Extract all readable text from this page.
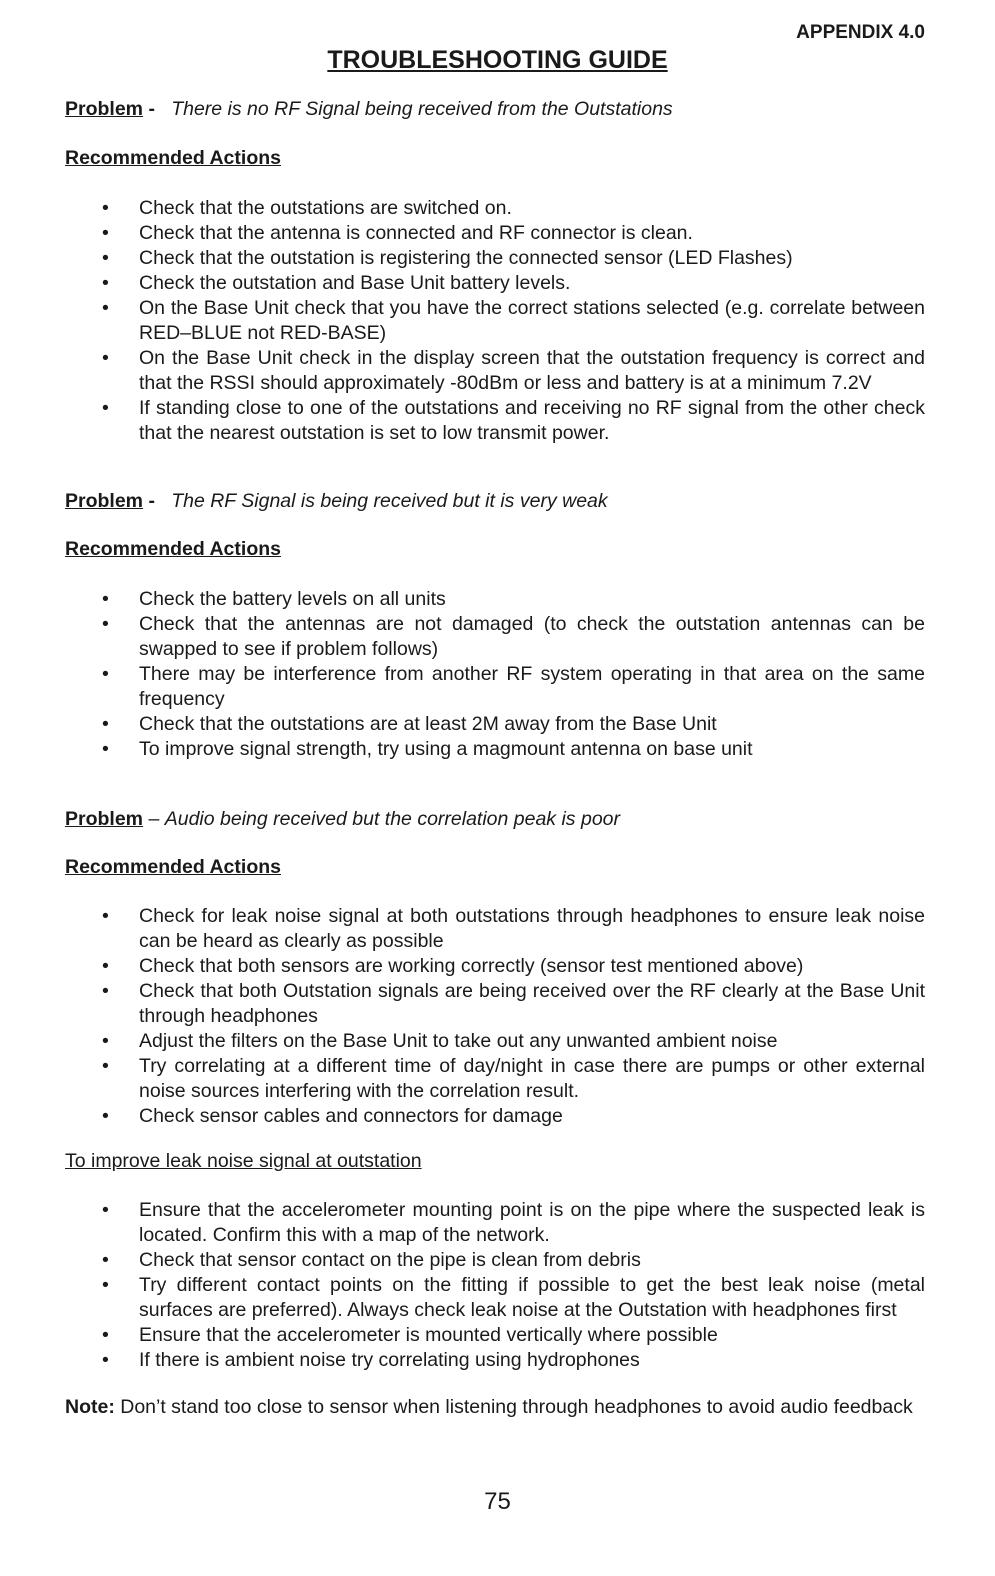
APPENDIX 4.0
TROUBLESHOOTING GUIDE
Problem -   There is no RF Signal being received from the Outstations
Recommended Actions
• Check that the outstations are switched on.
• Check that the antenna is connected and RF connector is clean.
• Check that the outstation is registering the connected sensor (LED Flashes)
• Check the outstation and Base Unit battery levels.
• On the Base Unit check that you have the correct stations selected (e.g. correlate between RED–BLUE not RED-BASE)
• On the Base Unit check in the display screen that the outstation frequency is correct and that the RSSI should approximately -80dBm or less and battery is at a minimum 7.2V
• If standing close to one of the outstations and receiving no RF signal from the other check that the nearest outstation is set to low transmit power.
Problem -   The RF Signal is being received but it is very weak
Recommended Actions
• Check the battery levels on all units
• Check that the antennas are not damaged (to check the outstation antennas can be swapped to see if problem follows)
• There may be interference from another RF system operating in that area on the same frequency
• Check that the outstations are at least 2M away from the Base Unit
• To improve signal strength, try using a magmount antenna on base unit
Problem – Audio being received but the correlation peak is poor
Recommended Actions
• Check for leak noise signal at both outstations through headphones to ensure leak noise can be heard as clearly as possible
• Check that both sensors are working correctly (sensor test mentioned above)
• Check that both Outstation signals are being received over the RF clearly at the Base Unit through headphones
• Adjust the filters on the Base Unit to take out any unwanted ambient noise
• Try correlating at a different time of day/night in case there are pumps or other external noise sources interfering with the correlation result.
• Check sensor cables and connectors for damage
To improve leak noise signal at outstation
• Ensure that the accelerometer mounting point is on the pipe where the suspected leak is located. Confirm this with a map of the network.
• Check that sensor contact on the pipe is clean from debris
• Try different contact points on the fitting if possible to get the best leak noise (metal surfaces are preferred). Always check leak noise at the Outstation with headphones first
• Ensure that the accelerometer is mounted vertically where possible
• If there is ambient noise try correlating using hydrophones
Note: Don’t stand too close to sensor when listening through headphones to avoid audio feedback
75
